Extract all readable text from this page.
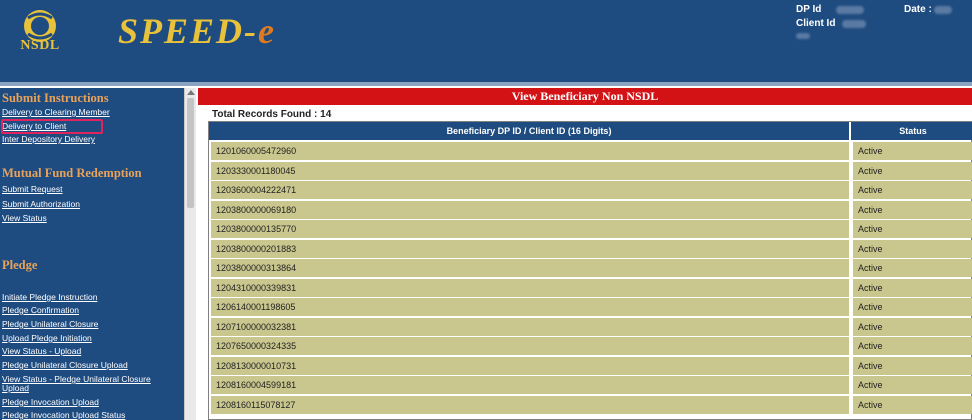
NSDL	SPEED-e
DP Id
Client Id
Date :
Submit Instructions
Delivery to Clearing Member
Delivery to Client
Inter Depository Delivery
Mutual Fund Redemption
Submit Request
Submit Authorization
View Status
Pledge
Initiate Pledge Instruction
Pledge Confirmation
Pledge Unilateral Closure
Upload Pledge Initiation
View Status - Upload
Pledge Unilateral Closure Upload
View Status - Pledge Unilateral Closure Upload
Pledge Invocation Upload
Pledge Invocation Upload Status
View Beneficiary Non NSDL
Total Records Found : 14
Beneficiary DP ID / Client ID (16 Digits)	Status
1201060005472960	Active
1203330001180045	Active
1203600004222471	Active
1203800000069180	Active
1203800000135770	Active
1203800000201883	Active
1203800000313864	Active
1204310000339831	Active
1206140001198605	Active
1207100000032381	Active
1207650000324335	Active
1208130000010731	Active
1208160004599181	Active
1208160115078127	Active
